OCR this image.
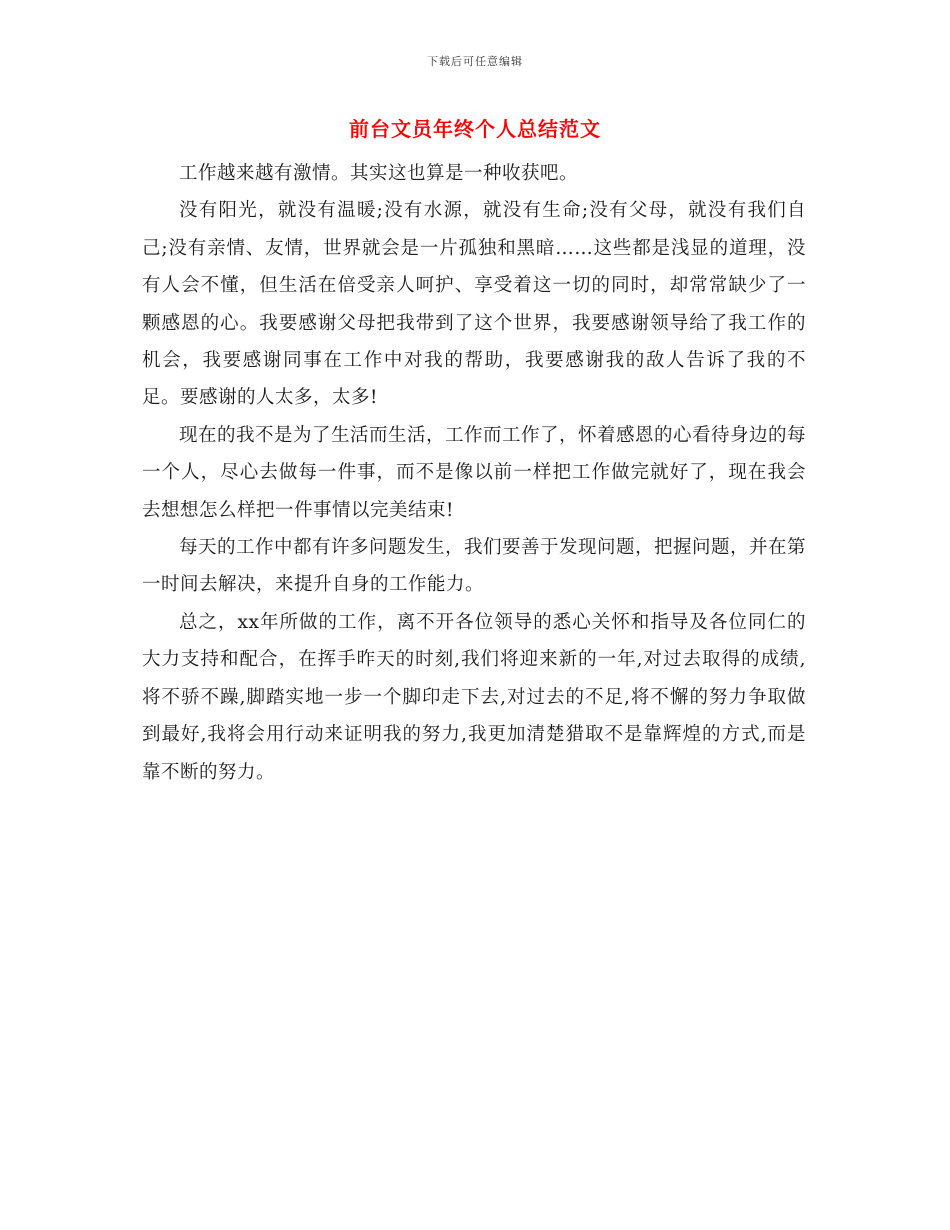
下载后可任意编辑
前台文员年终个人总结范文

工作越来越有激情。其实这也算是一种收获吧。

没有阳光，就没有温暖;没有水源，就没有生命;没有父母，就没有我们自己;没有亲情、友情，世界就会是一片孤独和黑暗……这些都是浅显的道理，没有人会不懂，但生活在倍受亲人呵护、享受着这一切的同时，却常常缺少了一颗感恩的心。我要感谢父母把我带到了这个世界，我要感谢领导给了我工作的机会，我要感谢同事在工作中对我的帮助，我要感谢我的敌人告诉了我的不足。要感谢的人太多，太多!

现在的我不是为了生活而生活，工作而工作了，怀着感恩的心看待身边的每一个人，尽心去做每一件事，而不是像以前一样把工作做完就好了，现在我会去想想怎么样把一件事情以完美结束!

每天的工作中都有许多问题发生，我们要善于发现问题，把握问题，并在第一时间去解决，来提升自身的工作能力。

总之，xx年所做的工作，离不开各位领导的悉心关怀和指导及各位同仁的大力支持和配合，在挥手昨天的时刻,我们将迎来新的一年,对过去取得的成绩,将不骄不躁,脚踏实地一步一个脚印走下去,对过去的不足,将不懈的努力争取做到最好,我将会用行动来证明我的努力,我更加清楚猎取不是靠辉煌的方式,而是靠不断的努力。
